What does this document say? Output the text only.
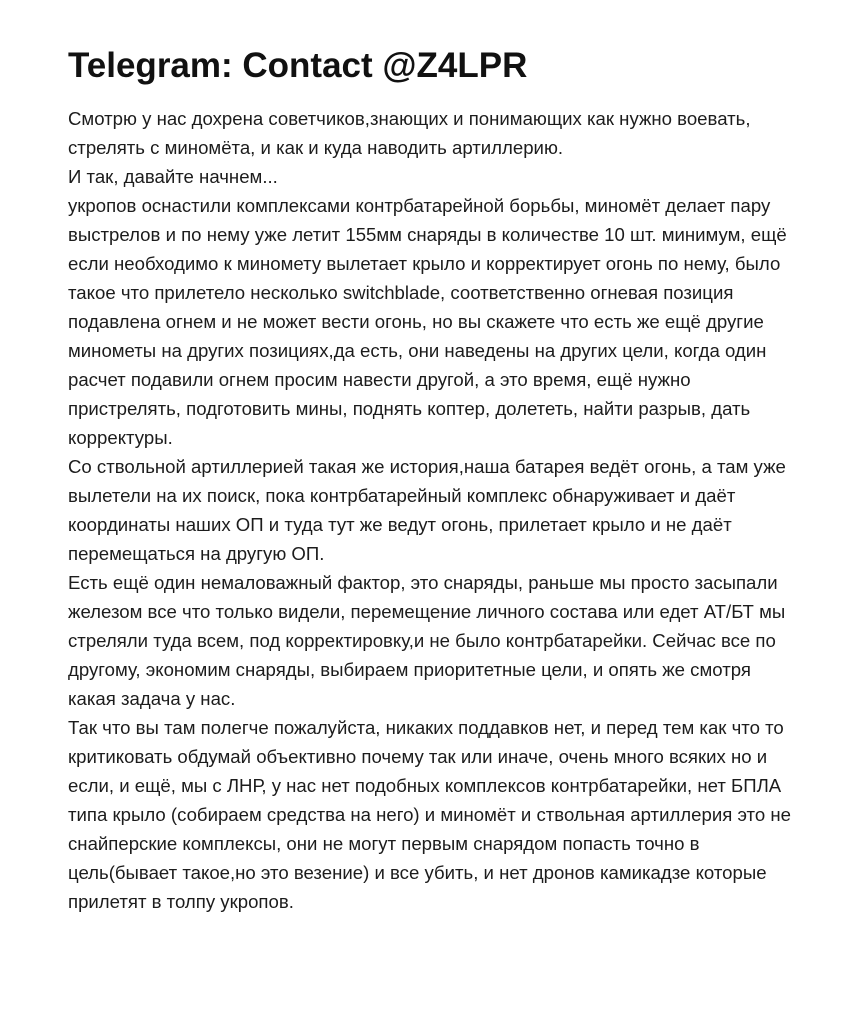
Telegram: Contact @Z4LPR
Смотрю у нас дохрена советчиков,знающих и понимающих как нужно воевать,
стрелять с миномёта, и как и куда наводить артиллерию.
И так, давайте начнем...
укропов оснастили комплексами контрбатарейной борьбы, миномёт делает пару
выстрелов и по нему уже летит 155мм снаряды в количестве 10 шт. минимум, ещё
если необходимо к миномету вылетает крыло и корректирует огонь по нему, было
такое что прилетело несколько switchblade, соответственно огневая позиция
подавлена огнем и не может вести огонь, но вы скажете что есть же ещё другие
минометы на других позициях,да есть, они наведены на других цели, когда один
расчет подавили огнем просим навести другой, а это время, ещё нужно
пристрелять, подготовить мины, поднять коптер, долететь, найти разрыв, дать
корректуры.
Со ствольной артиллерией такая же история,наша батарея ведёт огонь, а там уже
вылетели на их поиск, пока контрбатарейный комплекс обнаруживает и даёт
координаты наших ОП и туда тут же ведут огонь, прилетает крыло и не даёт
перемещаться на другую ОП.
Есть ещё один немаловажный фактор, это снаряды, раньше мы просто засыпали
железом все что только видели, перемещение личного состава или едет АТ/БТ мы
стреляли туда всем, под корректировку,и не было контрбатарейки. Сейчас все по
другому, экономим снаряды, выбираем приоритетные цели, и опять же смотря
какая задача у нас.
Так что вы там полегче пожалуйста, никаких поддавков нет, и перед тем как что то
критиковать обдумай объективно почему так или иначе, очень много всяких но и
если, и ещё, мы с ЛНР, у нас нет подобных комплексов контрбатарейки, нет БПЛА
типа крыло (собираем средства на него) и миномёт и ствольная артиллерия это не
снайперские комплексы, они не могут первым снарядом попасть точно в
цель(бывает такое,но это везение) и все убить, и нет дронов камикадзе которые
прилетят в толпу укропов.
